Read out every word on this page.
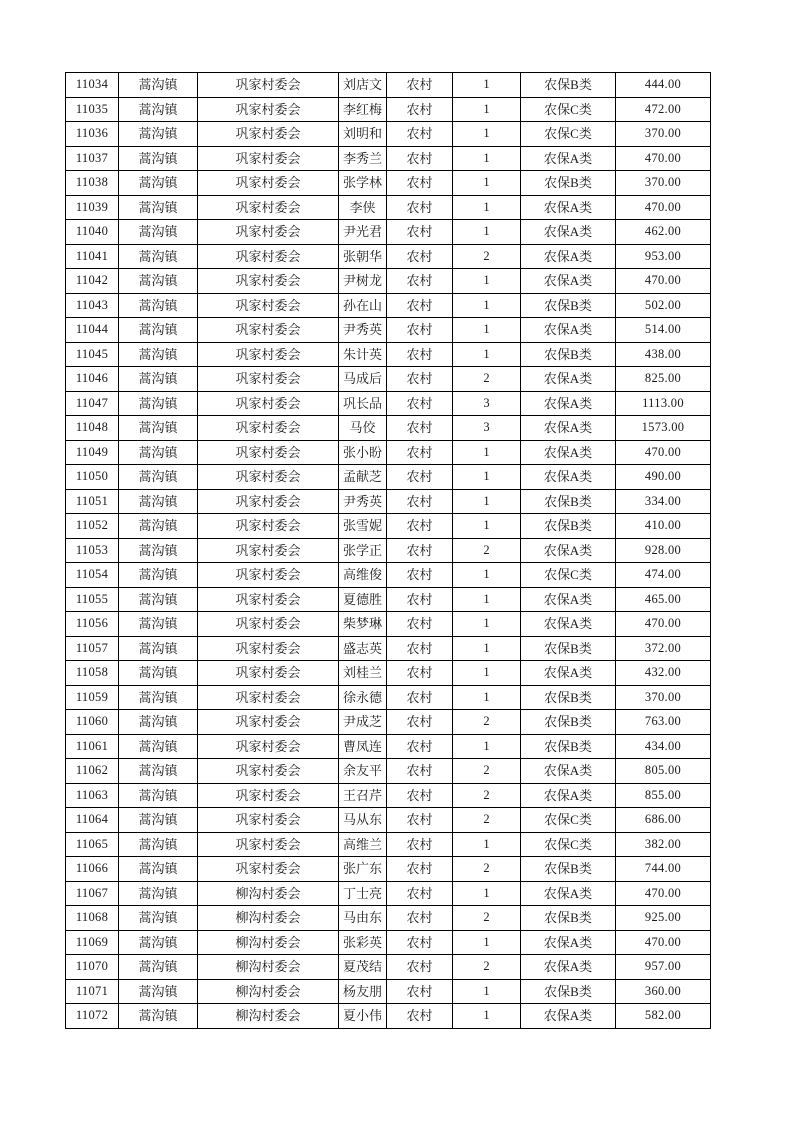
11034	蒿沟镇	巩家村委会	刘店文	农村	1	农保B类	444.00
11035	蒿沟镇	巩家村委会	李红梅	农村	1	农保C类	472.00
11036	蒿沟镇	巩家村委会	刘明和	农村	1	农保C类	370.00
11037	蒿沟镇	巩家村委会	李秀兰	农村	1	农保A类	470.00
11038	蒿沟镇	巩家村委会	张学林	农村	1	农保B类	370.00
11039	蒿沟镇	巩家村委会	李侠	农村	1	农保A类	470.00
11040	蒿沟镇	巩家村委会	尹光君	农村	1	农保A类	462.00
11041	蒿沟镇	巩家村委会	张朝华	农村	2	农保A类	953.00
11042	蒿沟镇	巩家村委会	尹树龙	农村	1	农保A类	470.00
11043	蒿沟镇	巩家村委会	孙在山	农村	1	农保B类	502.00
11044	蒿沟镇	巩家村委会	尹秀英	农村	1	农保A类	514.00
11045	蒿沟镇	巩家村委会	朱计英	农村	1	农保B类	438.00
11046	蒿沟镇	巩家村委会	马成后	农村	2	农保A类	825.00
11047	蒿沟镇	巩家村委会	巩长品	农村	3	农保A类	1113.00
11048	蒿沟镇	巩家村委会	马佼	农村	3	农保A类	1573.00
11049	蒿沟镇	巩家村委会	张小盼	农村	1	农保A类	470.00
11050	蒿沟镇	巩家村委会	孟献芝	农村	1	农保A类	490.00
11051	蒿沟镇	巩家村委会	尹秀英	农村	1	农保B类	334.00
11052	蒿沟镇	巩家村委会	张雪妮	农村	1	农保B类	410.00
11053	蒿沟镇	巩家村委会	张学正	农村	2	农保A类	928.00
11054	蒿沟镇	巩家村委会	高维俊	农村	1	农保C类	474.00
11055	蒿沟镇	巩家村委会	夏德胜	农村	1	农保A类	465.00
11056	蒿沟镇	巩家村委会	柴梦琳	农村	1	农保A类	470.00
11057	蒿沟镇	巩家村委会	盛志英	农村	1	农保B类	372.00
11058	蒿沟镇	巩家村委会	刘桂兰	农村	1	农保A类	432.00
11059	蒿沟镇	巩家村委会	徐永德	农村	1	农保B类	370.00
11060	蒿沟镇	巩家村委会	尹成芝	农村	2	农保B类	763.00
11061	蒿沟镇	巩家村委会	曹凤连	农村	1	农保B类	434.00
11062	蒿沟镇	巩家村委会	余友平	农村	2	农保A类	805.00
11063	蒿沟镇	巩家村委会	王召芹	农村	2	农保A类	855.00
11064	蒿沟镇	巩家村委会	马从东	农村	2	农保C类	686.00
11065	蒿沟镇	巩家村委会	高维兰	农村	1	农保C类	382.00
11066	蒿沟镇	巩家村委会	张广东	农村	2	农保B类	744.00
11067	蒿沟镇	柳沟村委会	丁士亮	农村	1	农保A类	470.00
11068	蒿沟镇	柳沟村委会	马由东	农村	2	农保B类	925.00
11069	蒿沟镇	柳沟村委会	张彩英	农村	1	农保A类	470.00
11070	蒿沟镇	柳沟村委会	夏茂结	农村	2	农保A类	957.00
11071	蒿沟镇	柳沟村委会	杨友朋	农村	1	农保B类	360.00
11072	蒿沟镇	柳沟村委会	夏小伟	农村	1	农保A类	582.00
